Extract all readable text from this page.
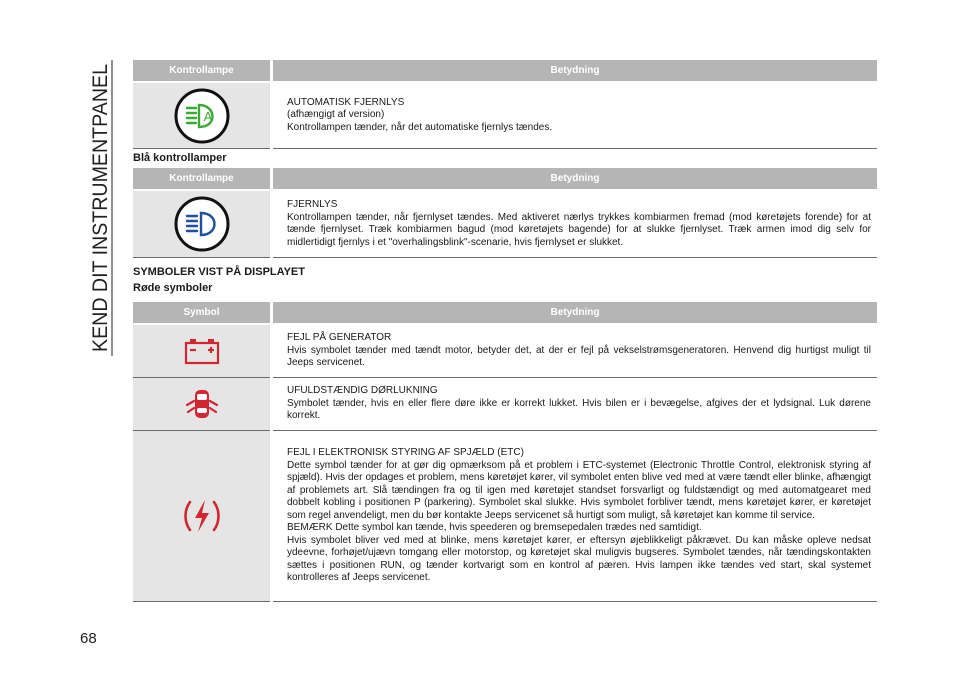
KEND DIT INSTRUMENTPANEL
68
Kontrollampe	Betydning

A	AUTOMATISK FJERNLYS
(afhængigt af version)
Kontrollampen tænder, når det automatiske fjernlys tændes.
Blå kontrollamper
Kontrollampe	Betydning

FJERNLYS
Kontrollampen tænder, når fjernlyset tændes. Med aktiveret nærlys trykkes kombiarmen fremad (mod køretøjets forende) for at tænde fjernlyset. Træk kombiarmen bagud (mod køretøjets bagende) for at slukke fjernlyset. Træk armen imod dig selv for midlertidigt fjernlys i et "overhalingsblink"-scenarie, hvis fjernlyset er slukket.
SYMBOLER VIST PÅ DISPLAYET
Røde symboler
Symbol	Betydning

FEJL PÅ GENERATOR
Hvis symbolet tænder med tændt motor, betyder det, at der er fejl på vekselstrømsgeneratoren. Henvend dig hurtigst muligt til Jeeps servicenet.

UFULDSTÆNDIG DØRLUKNING
Symbolet tænder, hvis en eller flere døre ikke er korrekt lukket. Hvis bilen er i bevægelse, afgives der et lydsignal. Luk dørene korrekt.

FEJL I ELEKTRONISK STYRING AF SPJÆLD (ETC)
Dette symbol tænder for at gør dig opmærksom på et problem i ETC-systemet (Electronic Throttle Control, elektronisk styring af spjæld). Hvis der opdages et problem, mens køretøjet kører, vil symbolet enten blive ved med at være tændt eller blinke, afhængigt af problemets art. Slå tændingen fra og til igen med køretøjet standset forsvarligt og fuldstændigt og med automatgearet med dobbelt kobling i positionen P (parkering). Symbolet skal slukke. Hvis symbolet forbliver tændt, mens køretøjet kører, er køretøjet som regel anvendeligt, men du bør kontakte Jeeps servicenet så hurtigt som muligt, så køretøjet kan komme til service.
BEMÆRK Dette symbol kan tænde, hvis speederen og bremsepedalen trædes ned samtidigt.
Hvis symbolet bliver ved med at blinke, mens køretøjet kører, er eftersyn øjeblikkeligt påkrævet. Du kan måske opleve nedsat ydeevne, forhøjet/ujævn tomgang eller motorstop, og køretøjet skal muligvis bugseres. Symbolet tændes, når tændingskontakten sættes i positionen RUN, og tænder kortvarigt som en kontrol af pæren. Hvis lampen ikke tændes ved start, skal systemet kontrolleres af Jeeps servicenet.
